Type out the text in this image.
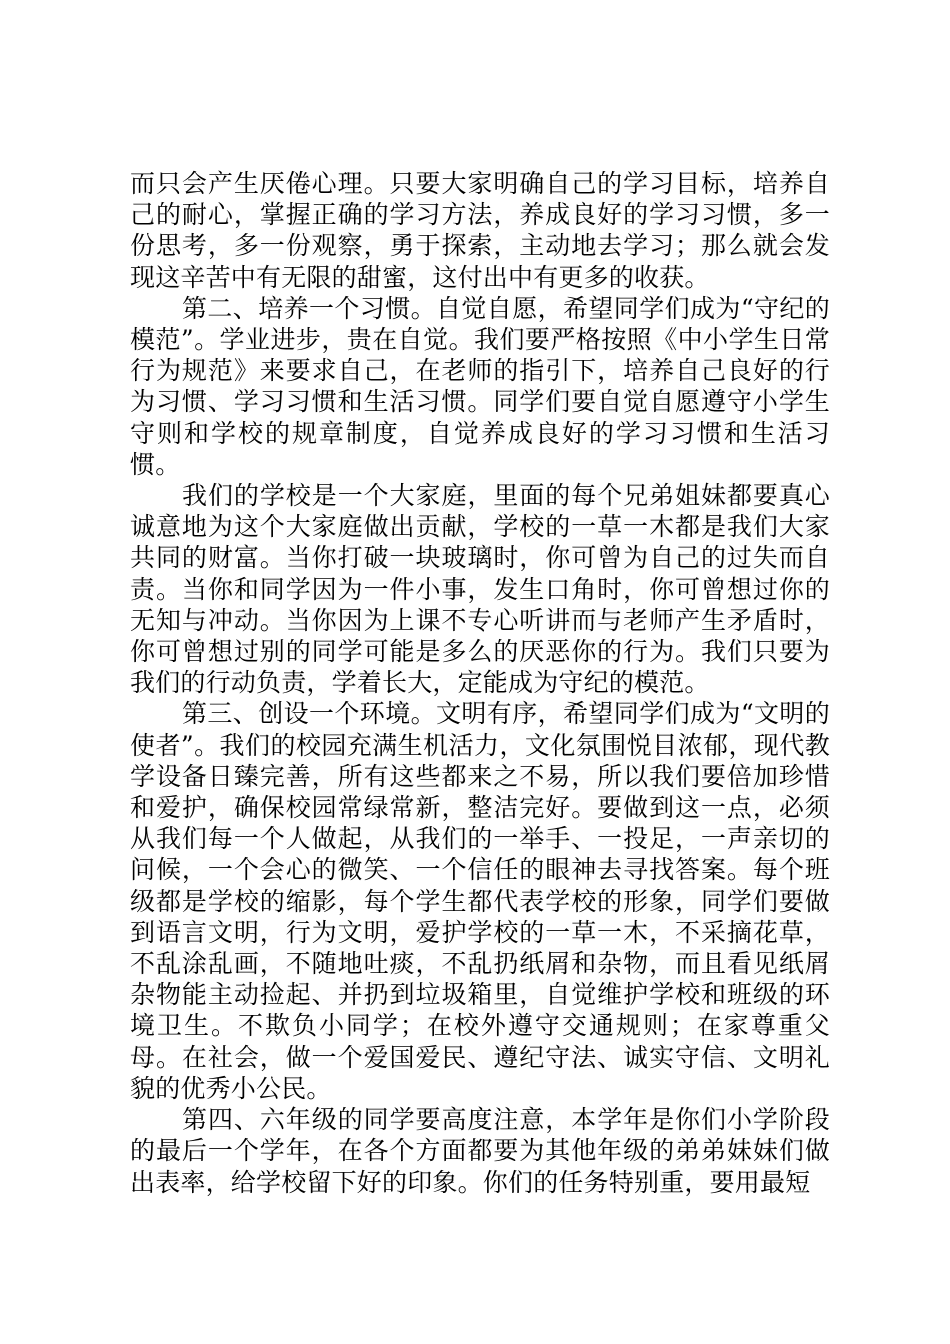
而只会产生厌倦心理。只要大家明确自己的学习目标，培养自己的耐心，掌握正确的学习方法，养成良好的学习习惯，多一份思考，多一份观察，勇于探索，主动地去学习；那么就会发现这辛苦中有无限的甜蜜，这付出中有更多的收获。

第二、培养一个习惯。自觉自愿，希望同学们成为“守纪的模范”。学业进步，贵在自觉。我们要严格按照《中小学生日常行为规范》来要求自己，在老师的指引下，培养自己良好的行为习惯、学习习惯和生活习惯。同学们要自觉自愿遵守小学生守则和学校的规章制度，自觉养成良好的学习习惯和生活习惯。

我们的学校是一个大家庭，里面的每个兄弟姐妹都要真心诚意地为这个大家庭做出贡献，学校的一草一木都是我们大家共同的财富。当你打破一块玻璃时，你可曾为自己的过失而自责。当你和同学因为一件小事，发生口角时，你可曾想过你的无知与冲动。当你因为上课不专心听讲而与老师产生矛盾时，你可曾想过别的同学可能是多么的厌恶你的行为。我们只要为我们的行动负责，学着长大，定能成为守纪的模范。

第三、创设一个环境。文明有序，希望同学们成为“文明的使者”。我们的校园充满生机活力，文化氛围悦目浓郁，现代教学设备日臻完善，所有这些都来之不易，所以我们要倍加珍惜和爱护，确保校园常绿常新，整洁完好。要做到这一点，必须从我们每一个人做起，从我们的一举手、一投足，一声亲切的问候，一个会心的微笑、一个信任的眼神去寻找答案。每个班级都是学校的缩影，每个学生都代表学校的形象，同学们要做到语言文明，行为文明，爱护学校的一草一木，不采摘花草，不乱涂乱画，不随地吐痰，不乱扔纸屑和杂物，而且看见纸屑杂物能主动捡起、并扔到垃圾箱里，自觉维护学校和班级的环境卫生。不欺负小同学；在校外遵守交通规则；在家尊重父母。在社会，做一个爱国爱民、遵纪守法、诚实守信、文明礼貌的优秀小公民。

第四、六年级的同学要高度注意，本学年是你们小学阶段的最后一个学年，在各个方面都要为其他年级的弟弟妹妹们做出表率，给学校留下好的印象。你们的任务特别重，要用最短
